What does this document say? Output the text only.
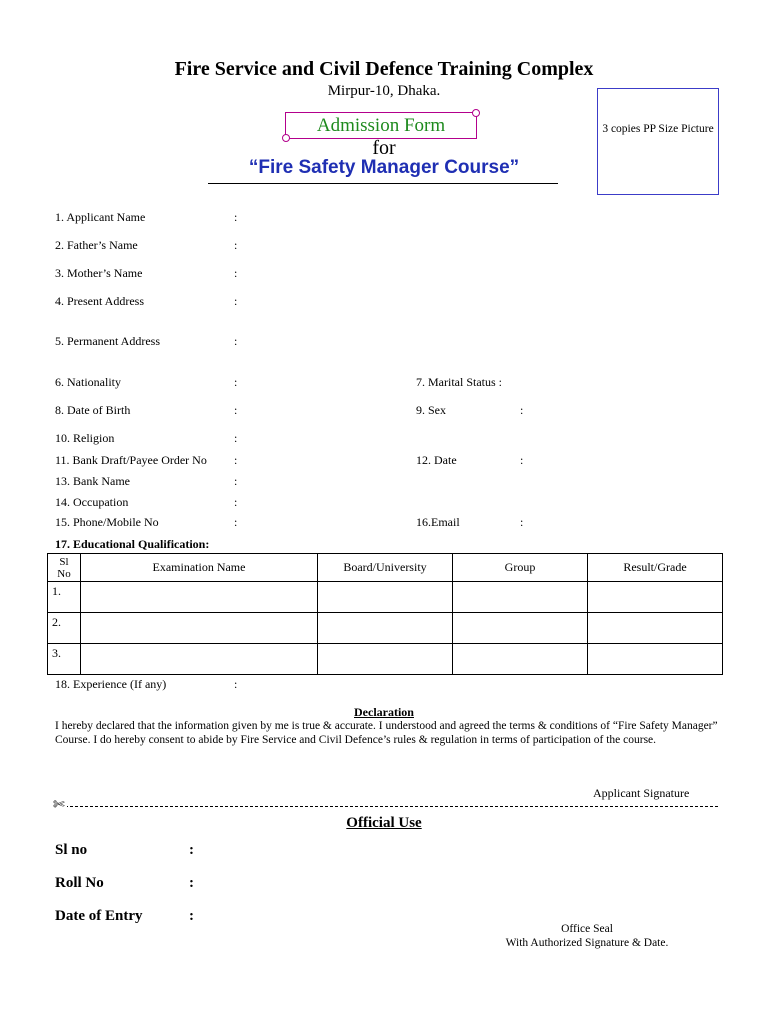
Fire Service and Civil Defence Training Complex
Mirpur-10, Dhaka.
Admission Form
for
“Fire Safety Manager Course”
3 copies PP Size Picture
1. Applicant Name	:
2. Father’s Name	:
3. Mother’s Name	:
4. Present Address	:
5. Permanent Address	:
6. Nationality	:
8. Date of Birth	:
10. Religion	:
11. Bank Draft/Payee Order No :
13. Bank Name	:
14. Occupation	:
15. Phone/Mobile No	:
7. Marital Status :
9. Sex	:
12. Date	:
16.Email	:
17. Educational Qualification:
Sl
No	Examination Name	Board/University	Group	Result/Grade
1.				
2.				
3.				
18. Experience (If any)	:
Declaration
I hereby declared that the information given by me is true & accurate. I understood and agreed the terms & conditions of “Fire Safety Manager” Course. I do hereby consent to abide by Fire Service and Civil Defence’s rules & regulation in terms of participation of the course.
Applicant Signature
✄
Official Use
Sl no	:
Roll No	:
Date of Entry	:
Office Seal
With Authorized Signature & Date.
